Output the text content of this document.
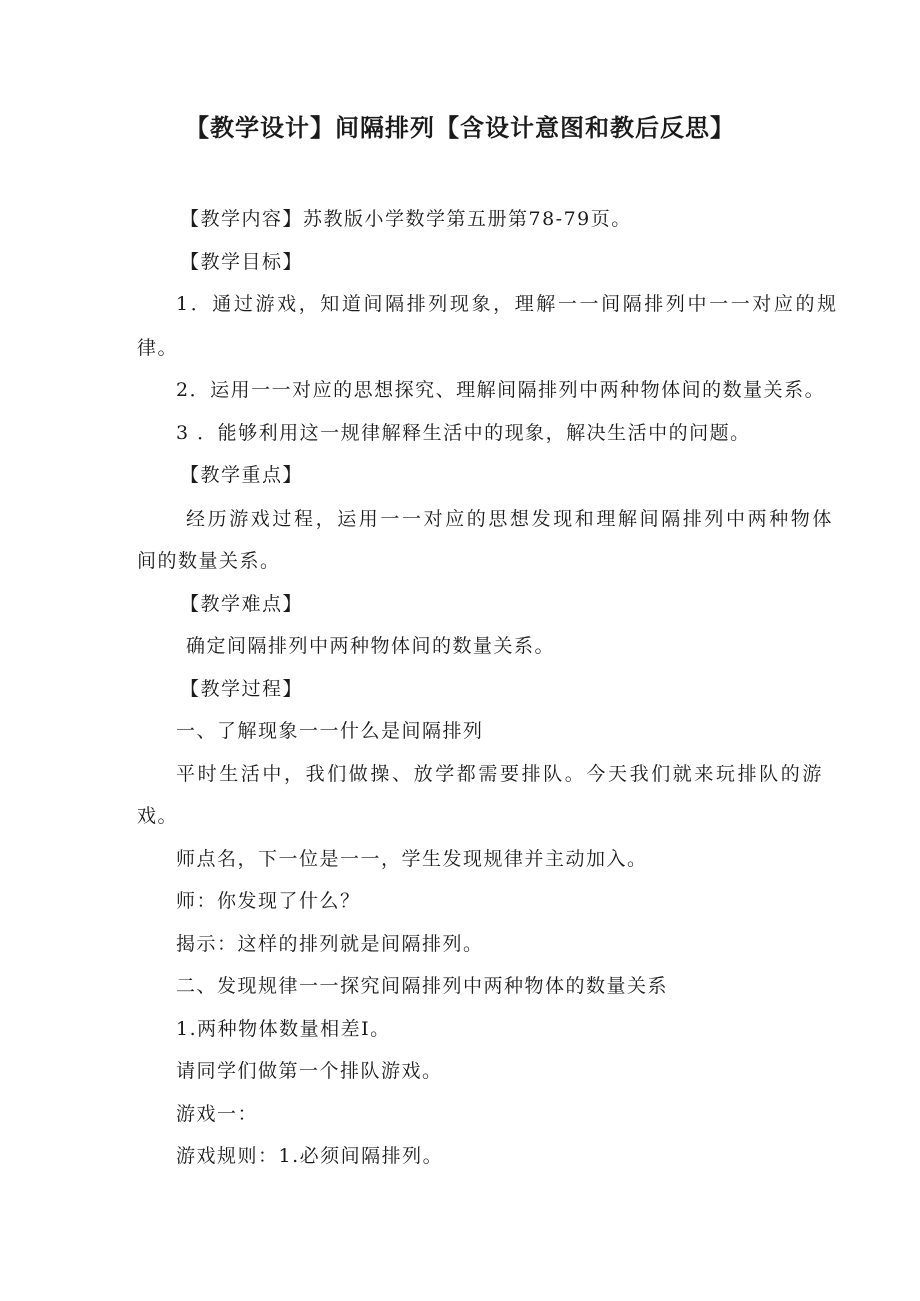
【教学设计】间隔排列【含设计意图和教后反思】
【教学内容】苏教版小学数学第五册第78-79页。
【教学目标】
1．通过游戏，知道间隔排列现象，理解一一间隔排列中一一对应的规
律。
2．运用一一对应的思想探究、理解间隔排列中两种物体间的数量关系。
3 ．能够利用这一规律解释生活中的现象，解决生活中的问题。
【教学重点】
经历游戏过程，运用一一对应的思想发现和理解间隔排列中两种物体
间的数量关系。
【教学难点】
确定间隔排列中两种物体间的数量关系。
【教学过程】
一、了解现象一一什么是间隔排列
平时生活中，我们做操、放学都需要排队。今天我们就来玩排队的游
戏。
师点名，下一位是一一，学生发现规律并主动加入。
师：你发现了什么？
揭示：这样的排列就是间隔排列。
二、发现规律一一探究间隔排列中两种物体的数量关系
1.两种物体数量相差I。
请同学们做第一个排队游戏。
游戏一：
游戏规则：1.必须间隔排列。
